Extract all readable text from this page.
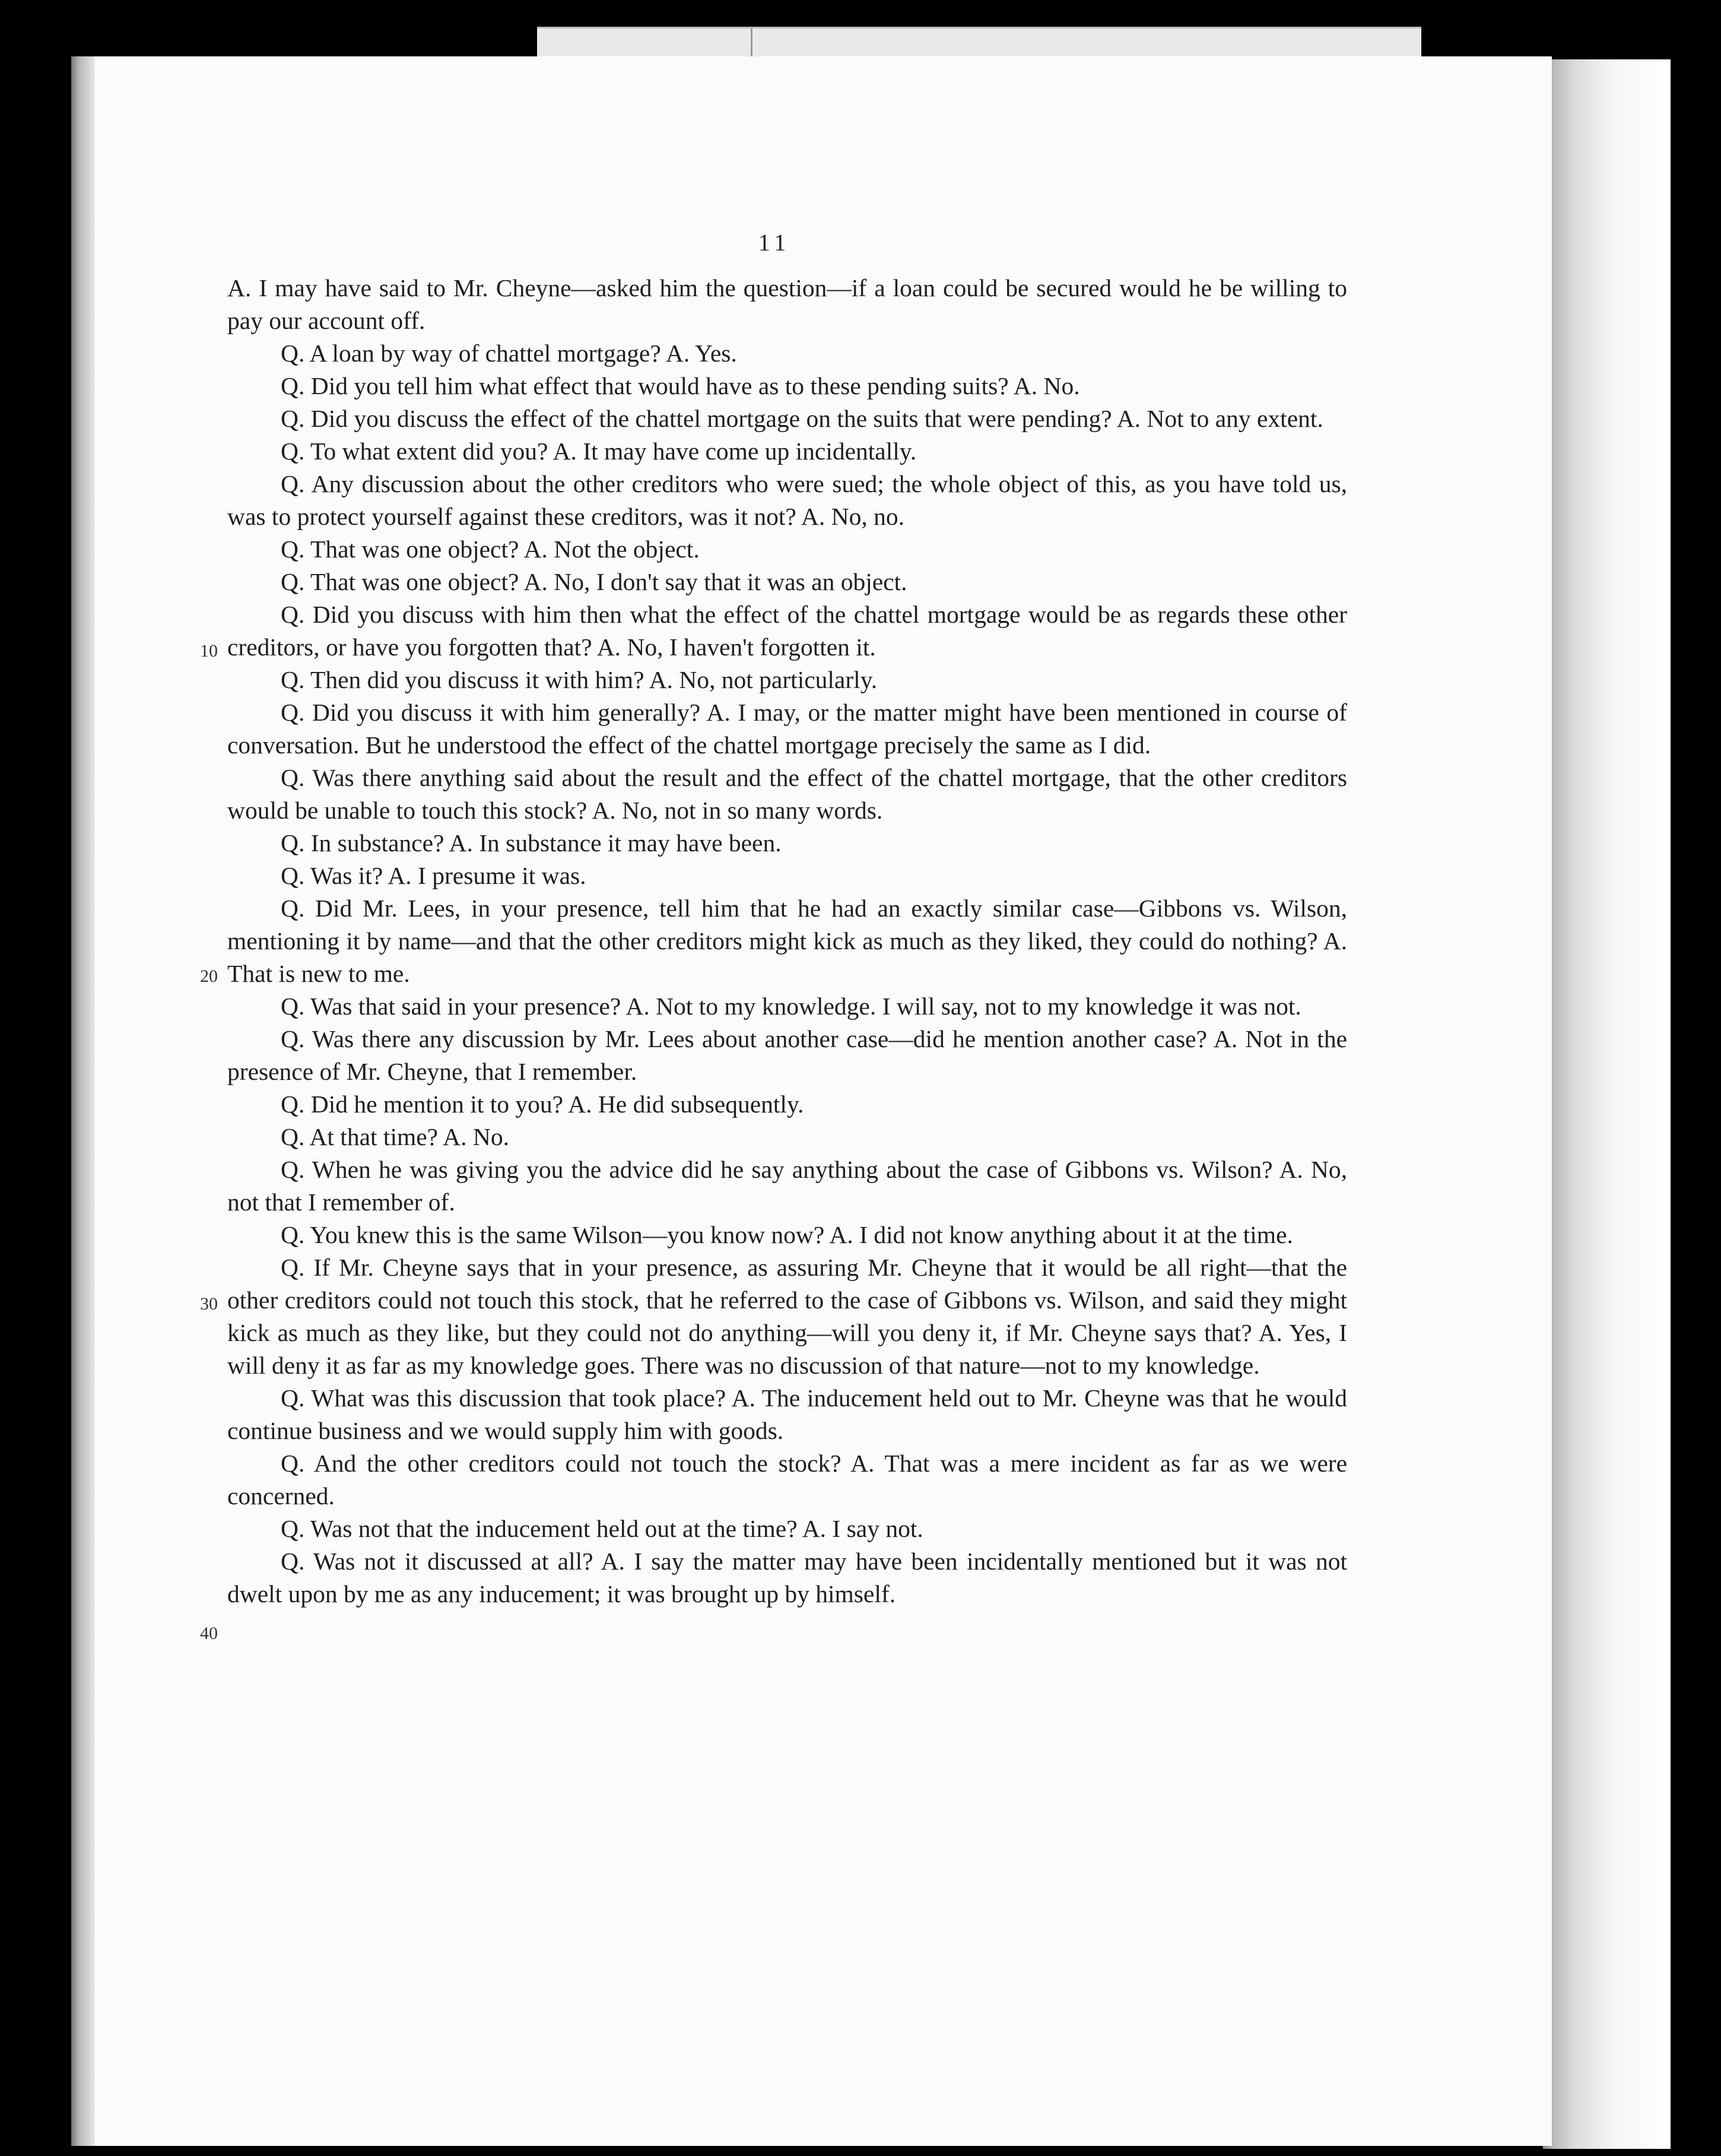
11
10
20
30
40

A. I may have said to Mr. Cheyne—asked him the question—if a loan could be secured would he be willing to pay our account off.

Q. A loan by way of chattel mortgage? A. Yes.

Q. Did you tell him what effect that would have as to these pending suits? A. No.

Q. Did you discuss the effect of the chattel mortgage on the suits that were pending? A. Not to any extent.

Q. To what extent did you? A. It may have come up incidentally.

Q. Any discussion about the other creditors who were sued; the whole object of this, as you have told us, was to protect yourself against these creditors, was it not? A. No, no.

Q. That was one object? A. Not the object.

Q. That was one object? A. No, I don't say that it was an object.

Q. Did you discuss with him then what the effect of the chattel mortgage would be as regards these other creditors, or have you forgotten that? A. No, I haven't forgotten it.

Q. Then did you discuss it with him? A. No, not particularly.

Q. Did you discuss it with him generally? A. I may, or the matter might have been mentioned in course of conversation. But he understood the effect of the chattel mortgage precisely the same as I did.

Q. Was there anything said about the result and the effect of the chattel mortgage, that the other creditors would be unable to touch this stock? A. No, not in so many words.

Q. In substance? A. In substance it may have been.

Q. Was it? A. I presume it was.

Q. Did Mr. Lees, in your presence, tell him that he had an exactly similar case—Gibbons vs. Wilson, mentioning it by name—and that the other creditors might kick as much as they liked, they could do nothing? A. That is new to me.

Q. Was that said in your presence? A. Not to my knowledge. I will say, not to my knowledge it was not.

Q. Was there any discussion by Mr. Lees about another case—did he mention another case? A. Not in the presence of Mr. Cheyne, that I remember.

Q. Did he mention it to you? A. He did subsequently.

Q. At that time? A. No.

Q. When he was giving you the advice did he say anything about the case of Gibbons vs. Wilson? A. No, not that I remember of.

Q. You knew this is the same Wilson—you know now? A. I did not know anything about it at the time.

Q. If Mr. Cheyne says that in your presence, as assuring Mr. Cheyne that it would be all right—that the other creditors could not touch this stock, that he referred to the case of Gibbons vs. Wilson, and said they might kick as much as they like, but they could not do anything—will you deny it, if Mr. Cheyne says that? A. Yes, I will deny it as far as my knowledge goes. There was no discussion of that nature—not to my knowledge.

Q. What was this discussion that took place? A. The inducement held out to Mr. Cheyne was that he would continue business and we would supply him with goods.

Q. And the other creditors could not touch the stock? A. That was a mere incident as far as we were concerned.

Q. Was not that the inducement held out at the time? A. I say not.

Q. Was not it discussed at all? A. I say the matter may have been incidentally mentioned but it was not dwelt upon by me as any inducement; it was brought up by himself.
